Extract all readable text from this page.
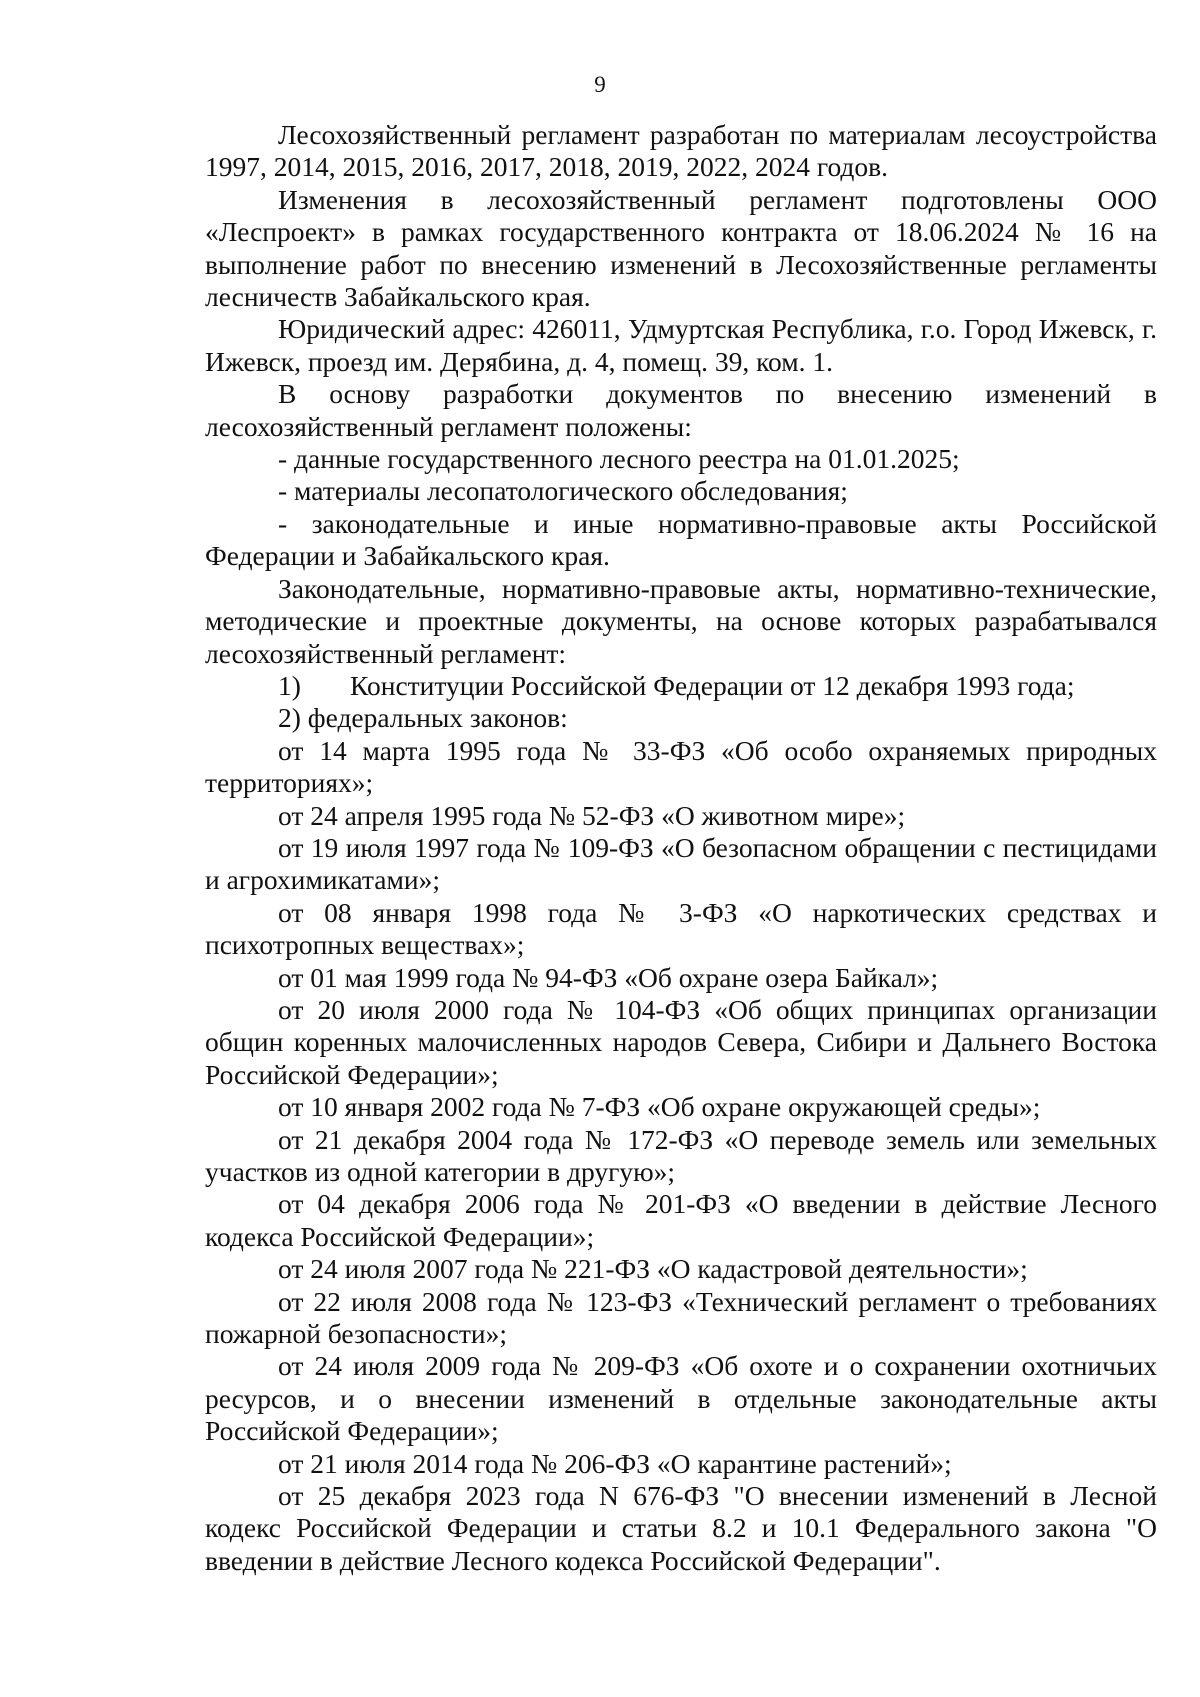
9

Лесохозяйственный регламент разработан по материалам лесоустройства 1997, 2014, 2015, 2016, 2017, 2018, 2019, 2022, 2024 годов.

Изменения в лесохозяйственный регламент подготовлены ООО «Леспроект» в рамках государственного контракта от 18.06.2024 № 16 на выполнение работ по внесению изменений в Лесохозяйственные регламенты лесничеств Забайкальского края.

Юридический адрес: 426011, Удмуртская Республика, г.о. Город Ижевск, г. Ижевск, проезд им. Дерябина, д. 4, помещ. 39, ком. 1.

В основу разработки документов по внесению изменений в лесохозяйственный регламент положены:

- данные государственного лесного реестра на 01.01.2025;

- материалы лесопатологического обследования;

- законодательные и иные нормативно-правовые акты Российской Федерации и Забайкальского края.

Законодательные, нормативно-правовые акты, нормативно-технические, методические и проектные документы, на основе которых разрабатывался лесохозяйственный регламент:

1) Конституции Российской Федерации от 12 декабря 1993 года;

2) федеральных законов:

от 14 марта 1995 года № 33-ФЗ «Об особо охраняемых природных территориях»;

от 24 апреля 1995 года № 52-ФЗ «О животном мире»;

от 19 июля 1997 года № 109-ФЗ «О безопасном обращении с пестицидами и агрохимикатами»;

от 08 января 1998 года № 3-ФЗ «О наркотических средствах и психотропных веществах»;

от 01 мая 1999 года № 94-ФЗ «Об охране озера Байкал»;

от 20 июля 2000 года № 104-ФЗ «Об общих принципах организации общин коренных малочисленных народов Севера, Сибири и Дальнего Востока Российской Федерации»;

от 10 января 2002 года № 7-ФЗ «Об охране окружающей среды»;

от 21 декабря 2004 года № 172-ФЗ «О переводе земель или земельных участков из одной категории в другую»;

от 04 декабря 2006 года № 201-ФЗ «О введении в действие Лесного кодекса Российской Федерации»;

от 24 июля 2007 года № 221-ФЗ «О кадастровой деятельности»;

от 22 июля 2008 года № 123-ФЗ «Технический регламент о требованиях пожарной безопасности»;

от 24 июля 2009 года № 209-ФЗ «Об охоте и о сохранении охотничьих ресурсов, и о внесении изменений в отдельные законодательные акты Российской Федерации»;

от 21 июля 2014 года № 206-ФЗ «О карантине растений»;

от 25 декабря 2023 года N 676-ФЗ "О внесении изменений в Лесной кодекс Российской Федерации и статьи 8.2 и 10.1 Федерального закона "О введении в действие Лесного кодекса Российской Федерации".
